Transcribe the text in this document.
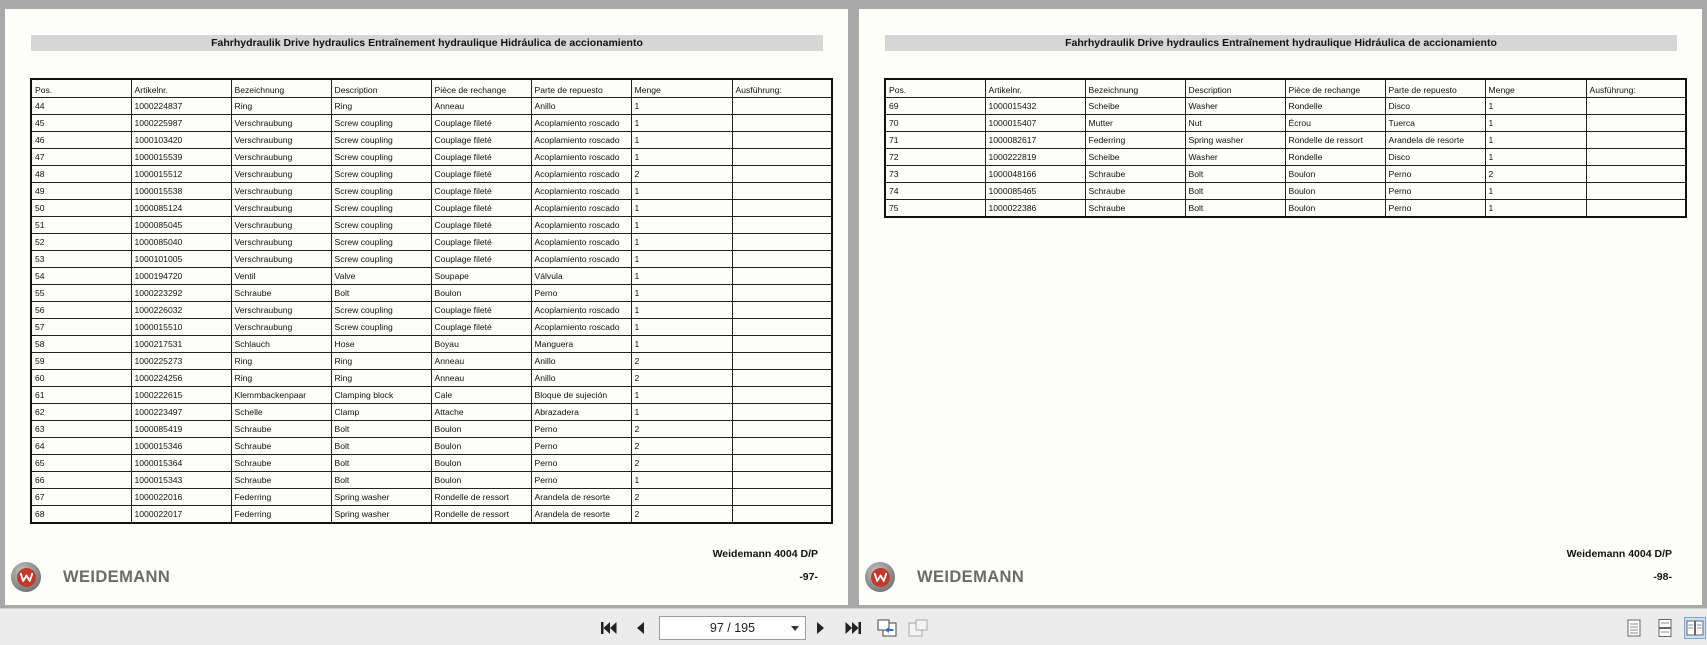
Fahrhydraulik Drive hydraulics Entraînement hydraulique Hidráulica de accionamiento
Pos.	Artikelnr.	Bezeichnung	Description	Pièce de rechange	Parte de repuesto	Menge	Ausführung:
44	1000224837	Ring	Ring	Anneau	Anillo	1	
45	1000225987	Verschraubung	Screw coupling	Couplage fileté	Acoplamiento roscado	1	
46	1000103420	Verschraubung	Screw coupling	Couplage fileté	Acoplamiento roscado	1	
47	1000015539	Verschraubung	Screw coupling	Couplage fileté	Acoplamiento roscado	1	
48	1000015512	Verschraubung	Screw coupling	Couplage fileté	Acoplamiento roscado	2	
49	1000015538	Verschraubung	Screw coupling	Couplage fileté	Acoplamiento roscado	1	
50	1000085124	Verschraubung	Screw coupling	Couplage fileté	Acoplamiento roscado	1	
51	1000085045	Verschraubung	Screw coupling	Couplage fileté	Acoplamiento roscado	1	
52	1000085040	Verschraubung	Screw coupling	Couplage fileté	Acoplamiento roscado	1	
53	1000101005	Verschraubung	Screw coupling	Couplage fileté	Acoplamiento roscado	1	
54	1000194720	Ventil	Valve	Soupape	Válvula	1	
55	1000223292	Schraube	Bolt	Boulon	Perno	1	
56	1000226032	Verschraubung	Screw coupling	Couplage fileté	Acoplamiento roscado	1	
57	1000015510	Verschraubung	Screw coupling	Couplage fileté	Acoplamiento roscado	1	
58	1000217531	Schlauch	Hose	Boyau	Manguera	1	
59	1000225273	Ring	Ring	Anneau	Anillo	2	
60	1000224256	Ring	Ring	Anneau	Anillo	2	
61	1000222615	Klemmbackenpaar	Clamping block	Cale	Bloque de sujeción	1	
62	1000223497	Schelle	Clamp	Attache	Abrazadera	1	
63	1000085419	Schraube	Bolt	Boulon	Perno	2	
64	1000015346	Schraube	Bolt	Boulon	Perno	2	
65	1000015364	Schraube	Bolt	Boulon	Perno	2	
66	1000015343	Schraube	Bolt	Boulon	Perno	1	
67	1000022016	Federring	Spring washer	Rondelle de ressort	Arandela de resorte	2	
68	1000022017	Federring	Spring washer	Rondelle de ressort	Arandela de resorte	2	
Weidemann 4004 D/P
-97-
WEIDEMANN
Fahrhydraulik Drive hydraulics Entraînement hydraulique Hidráulica de accionamiento
Pos.	Artikelnr.	Bezeichnung	Description	Pièce de rechange	Parte de repuesto	Menge	Ausführung:
69	1000015432	Scheibe	Washer	Rondelle	Disco	1	
70	1000015407	Mutter	Nut	Écrou	Tuerca	1	
71	1000082617	Federring	Spring washer	Rondelle de ressort	Arandela de resorte	1	
72	1000222819	Scheibe	Washer	Rondelle	Disco	1	
73	1000048166	Schraube	Bolt	Boulon	Perno	2	
74	1000085465	Schraube	Bolt	Boulon	Perno	1	
75	1000022386	Schraube	Bolt	Boulon	Perno	1	
Weidemann 4004 D/P
-98-
WEIDEMANN
97 / 195
